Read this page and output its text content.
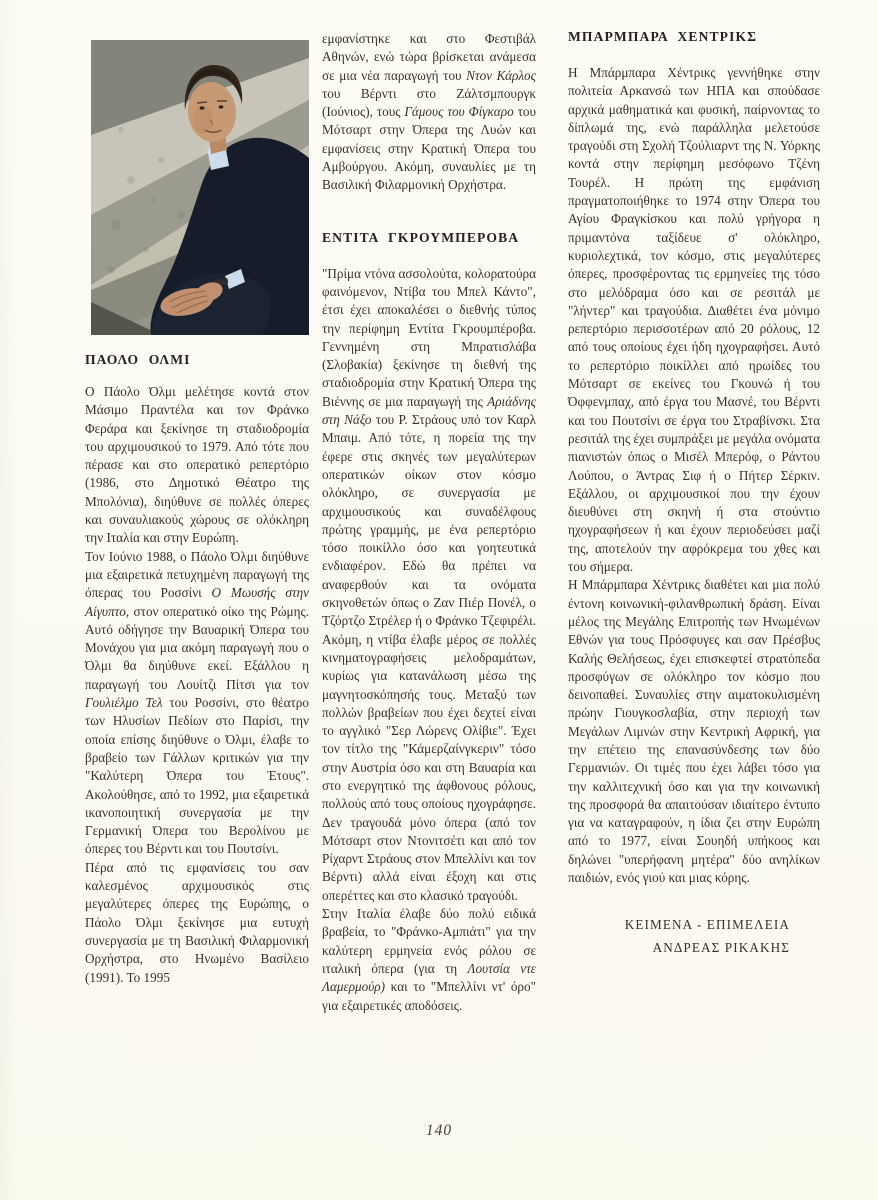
ΠΑΟΛΟ ΟΛΜΙ

Ο Πάολο Όλμι μελέτησε κοντά στον Μάσιμο Πραντέλα και τον Φράνκο Φεράρα και ξεκίνησε τη σταδιοδρομία του αρχιμουσικού το 1979. Από τότε που πέρασε και στο οπερατικό ρεπερτόριο (1986, στο Δημοτικό Θέατρο της Μπολόνια), διηύθυνε σε πολλές όπερες και συναυλιακούς χώρους σε ολόκληρη την Ιταλία και στην Ευρώπη.

Τον Ιούνιο 1988, ο Πάολο Όλμι διηύθυνε μια εξαιρετικά πετυχημένη παραγωγή της όπερας του Ροσσίνι Ο Μωυσής στην Αίγυπτο, στον οπερατικό οίκο της Ρώμης. Αυτό οδήγησε την Βαυαρική Όπερα του Μονάχου για μια ακόμη παραγωγή που ο Όλμι θα διηύθυνε εκεί. Εξάλλου η παραγωγή του Λουίτζι Πίτσι για τον Γουλιέλμο Τελ του Ροσσίνι, στο θέατρο των Ηλυσίων Πεδίων στο Παρίσι, την οποία επίσης διηύθυνε ο Όλμι, έλαβε το βραβείο των Γάλλων κριτικών για την "Καλύτερη Όπερα του Έτους". Ακολούθησε, από το 1992, μια εξαιρετικά ικανοποιητική συνεργασία με την Γερμανική Όπερα του Βερολίνου με όπερες του Βέρντι και του Πουτσίνι.

Πέρα από τις εμφανίσεις του σαν καλεσμένος αρχιμουσικός στις μεγαλύτερες όπερες της Ευρώπης, ο Πάολο Όλμι ξεκίνησε μια ευτυχή συνεργασία με τη Βασιλική Φιλαρμονική Ορχήστρα, στο Ηνωμένο Βασίλειο (1991). Το 1995

εμφανίστηκε και στο Φεστιβάλ Αθηνών, ενώ τώρα βρίσκεται ανάμεσα σε μια νέα παραγωγή του Ντον Κάρλος του Βέρντι στο Ζάλτσμπουργκ (Ιούνιος), τους Γάμους του Φίγκαρο του Μότσαρτ στην Όπερα της Λυών και εμφανίσεις στην Κρατική Όπερα του Αμβούργου. Ακόμη, συναυλίες με τη Βασιλική Φιλαρμονική Ορχήστρα.

ΕΝΤΙΤΑ ΓΚΡΟΥΜΠΕΡΟΒΑ

"Πρίμα ντόνα ασσολούτα, κολορατούρα φαινόμενον, Ντίβα του Μπελ Κάντο", έτσι έχει αποκαλέσει ο διεθνής τύπος την περίφημη Εντίτα Γκρουμπέροβα. Γεννημένη στη Μπρατισλάβα (Σλοβακία) ξεκίνησε τη διεθνή της σταδιοδρομία στην Κρατική Όπερα της Βιέννης σε μια παραγωγή της Αριάδνης στη Νάξο του Ρ. Στράους υπό τον Καρλ Μπαιμ. Από τότε, η πορεία της την έφερε στις σκηνές των μεγαλύτερων οπερατικών οίκων στον κόσμο ολόκληρο, σε συνεργασία με αρχιμουσικούς και συναδέλφους πρώτης γραμμής, με ένα ρεπερτόριο τόσο ποικίλλο όσο και γοητευτικά ενδιαφέρον. Εδώ θα πρέπει να αναφερθούν και τα ονόματα σκηνοθετών όπως ο Ζαν Πιέρ Πονέλ, ο Τζόρτζο Στρέλερ ή ο Φράνκο Τζεφιρέλι. Ακόμη, η ντίβα έλαβε μέρος σε πολλές κινηματογραφήσεις μελοδραμάτων, κυρίως για κατανάλωση μέσω της μαγνητοσκόπησής τους. Μεταξύ των πολλών βραβείων που έχει δεχτεί είναι το αγγλικό "Σερ Λώρενς Ολίβιε". Έχει τον τίτλο της "Κάμερζαίνγκεριν" τόσο στην Αυστρία όσο και στη Βαυαρία και στο ενεργητικό της άφθονους ρόλους, πολλούς από τους οποίους ηχογράφησε. Δεν τραγουδά μόνο όπερα (από τον Μότσαρτ στον Ντονιτσέτι και από τον Ρίχαρντ Στράους στον Μπελλίνι και τον Βέρντι) αλλά είναι έξοχη και στις οπερέττες και στο κλασικό τραγούδι.

Στην Ιταλία έλαβε δύο πολύ ειδικά βραβεία, το "Φράνκο-Αμπιάτι" για την καλύτερη ερμηνεία ενός ρόλου σε ιταλική όπερα (για τη Λουτσία ντε Λαμερμούρ) και το "Μπελλίνι ντ' όρο" για εξαιρετικές αποδόσεις.

ΜΠΑΡΜΠΑΡΑ ΧΕΝΤΡΙΚΣ

Η Μπάρμπαρα Χέντρικς γεννήθηκε στην πολιτεία Αρκανσώ των ΗΠΑ και σπούδασε αρχικά μαθηματικά και φυσική, παίρνοντας το δίπλωμά της, ενώ παράλληλα μελετούσε τραγούδι στη Σχολή Τζούλιαρντ της Ν. Υόρκης κοντά στην περίφημη μεσόφωνο Τζένη Τουρέλ. Η πρώτη της εμφάνιση πραγματοποιήθηκε το 1974 στην Όπερα του Αγίου Φραγκίσκου και πολύ γρήγορα η πριμαντόνα ταξίδευε σ' ολόκληρο, κυριολεχτικά, τον κόσμο, στις μεγαλύτερες όπερες, προσφέροντας τις ερμηνείες της τόσο στο μελόδραμα όσο και σε ρεσιτάλ με "λήντερ" και τραγούδια. Διαθέτει ένα μόνιμο ρεπερτόριο περισσοτέρων από 20 ρόλους, 12 από τους οποίους έχει ήδη ηχογραφήσει. Αυτό το ρεπερτόριο ποικίλλει από ηρωίδες του Μότσαρτ σε εκείνες του Γκουνώ ή του Όφφενμπαχ, από έργα του Μασνέ, του Βέρντι και του Πουτσίνι σε έργα του Στραβίνσκι. Στα ρεσιτάλ της έχει συμπράξει με μεγάλα ονόματα πιανιστών όπως ο Μισέλ Μπερόφ, ο Ράντου Λούπου, ο Άντρας Σιφ ή ο Πήτερ Σέρκιν. Εξάλλου, οι αρχιμουσικοί που την έχουν διευθύνει στη σκηνή ή στα στούντιο ηχογραφήσεων ή και έχουν περιοδεύσει μαζί της, αποτελούν την αφρόκρεμα του χθες και του σήμερα.

Η Μπάρμπαρα Χέντρικς διαθέτει και μια πολύ έντονη κοινωνική-φιλανθρωπική δράση. Είναι μέλος της Μεγάλης Επιτροπής των Ηνωμένων Εθνών για τους Πρόσφυγες και σαν Πρέσβυς Καλής Θελήσεως, έχει επισκεφτεί στρατόπεδα προσφύγων σε ολόκληρο τον κόσμο που δεινοπαθεί. Συναυλίες στην αιματοκυλισμένη πρώην Γιουγκοσλαβία, στην περιοχή των Μεγάλων Λιμνών στην Κεντρική Αφρική, για την επέτειο της επανασύνδεσης των δύο Γερμανιών. Οι τιμές που έχει λάβει τόσο για την καλλιτεχνική όσο και για την κοινωνική της προσφορά θα απαιτούσαν ιδιαίτερο έντυπο για να καταγραφούν, η ίδια ζει στην Ευρώπη από το 1977, είναι Σουηδή υπήκοος και δηλώνει "υπερήφανη μητέρα" δύο ανηλίκων παιδιών, ενός γιού και μιας κόρης.

ΚΕΙΜΕΝΑ - ΕΠΙΜΕΛΕΙΑ
ΑΝΔΡΕΑΣ ΡΙΚΑΚΗΣ
140
